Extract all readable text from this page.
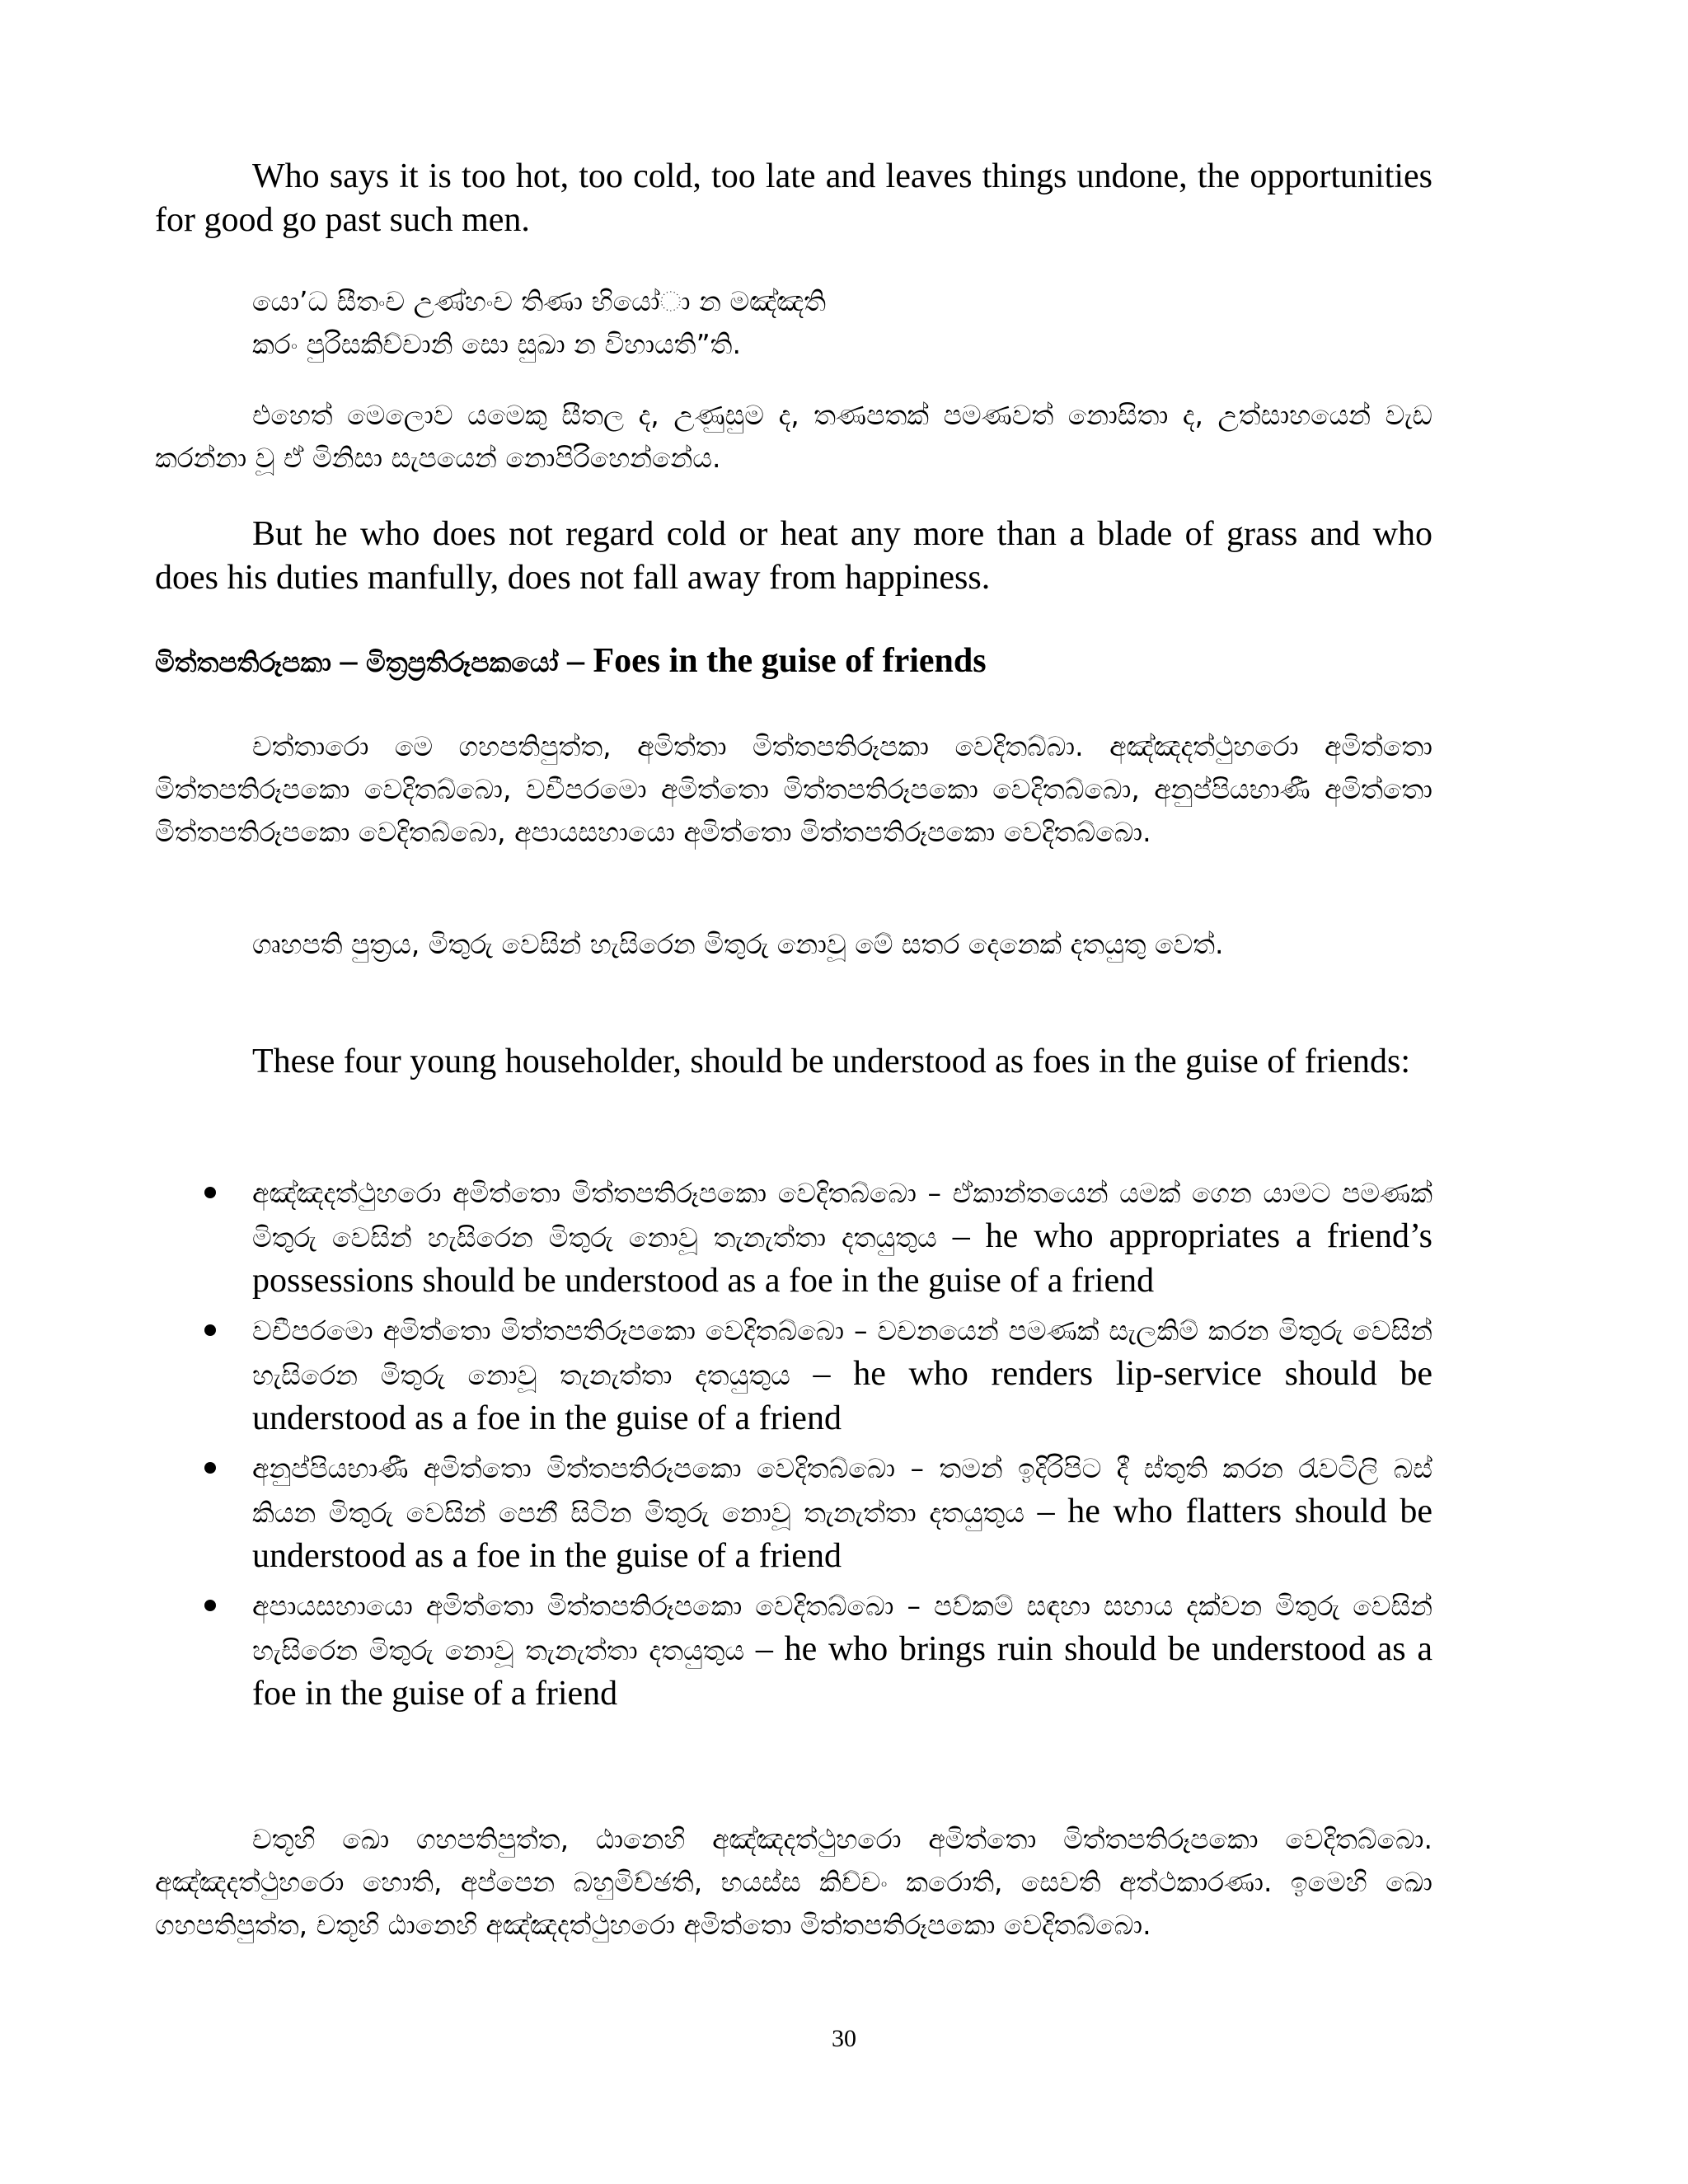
Who says it is too hot, too cold, too late and leaves things undone, the opportunities for good go past such men.
යො’ධ සීතංච උණ්හංච තිණා භියෝා න මඤ්ඤති
කරං පුරිසකිච්චානි සො සුඛා න විහායති”ති.
එහෙත් මෙලොව යමෙකු සීතල ද, උණුසුම ද, තණපතක් පමණවත් නොසිතා ද, උත්සාහයෙන් වැඩ කරන්නා වූ ඒ මිනිසා සැපයෙන් නොපිරිහෙන්නේය.
But he who does not regard cold or heat any more than a blade of grass and who does his duties manfully, does not fall away from happiness.
මිත්තපතිරූපකා – මිත්‍රප්‍රතිරූපකයෝ – Foes in the guise of friends
චත්තාරො මෙ ගහපතිපුත්ත, අමිත්තා මිත්තපතිරූපකා වෙදිතබ්බා. අඤ්ඤදත්ථුහරො අමිත්තො මිත්තපතිරූපකො වෙදිතබ්බො, වචීපරමො අමිත්තො මිත්තපතිරූපකො වෙදිතබ්බො, අනුප්පියභාණී අමිත්තො මිත්තපතිරූපකො වෙදිතබ්බො, අපායසහායො අමිත්තො මිත්තපතිරූපකො වෙදිතබ්බො.
ගෘහපති පුත්‍රය, මිතුරු වෙසින් හැසිරෙන මිතුරු නොවූ මේ සතර දෙනෙක් දතයුතු වෙත්.
These four young householder, should be understood as foes in the guise of friends:
අඤ්ඤදත්ථුහරො අමිත්තො මිත්තපතිරූපකො වෙදිතබ්බො – ඒකාන්තයෙන් යමක් ගෙන යාමට පමණක් මිතුරු වෙසින් හැසිරෙන මිතුරු නොවූ තැනැත්තා දතයුතුය – he who appropriates a friend’s possessions should be understood as a foe in the guise of a friend
වචීපරමො අමිත්තො මිත්තපතිරූපකො වෙදිතබ්බො – වචනයෙන් පමණක් සැලකිම් කරන මිතුරු වෙසින් හැසිරෙන මිතුරු නොවූ තැනැත්තා දතයුතුය – he who renders lip-service should be understood as a foe in the guise of a friend
අනුප්පියභාණී අමිත්තො මිත්තපතිරූපකො වෙදිතබ්බො – තමන් ඉදිරිපිට දී ස්තුති කරන රැවටිලි බස් කියන මිතුරු වෙසින් පෙනී සිටින මිතුරු නොවූ තැනැත්තා දතයුතුය – he who flatters should be understood as a foe in the guise of a friend
අපායසහායො අමිත්තො මිත්තපතිරූපකො වෙදිතබ්බො – පව්කම් සඳහා සහාය දක්වන මිතුරු වෙසින් හැසිරෙන මිතුරු නොවූ තැනැත්තා දතයුතුය – he who brings ruin should be understood as a foe in the guise of a friend
චතූහි ඛො ගහපතිපුත්ත, ඨානෙහි අඤ්ඤදත්ථුහරො අමිත්තො මිත්තපතිරූපකො වෙදිතබ්බො. අඤ්ඤදත්ථුහරො හොති, අප්පෙන බහුමිච්ඡති, භයස්ස කිච්චං කරොති, සෙවති අත්ථකාරණා. ඉමෙහි ඛො ගහපතිපුත්ත, චතූහි ඨානෙහි අඤ්ඤදත්ථුහරො අමිත්තො මිත්තපතිරූපකො වෙදිතබ්බො.
30
